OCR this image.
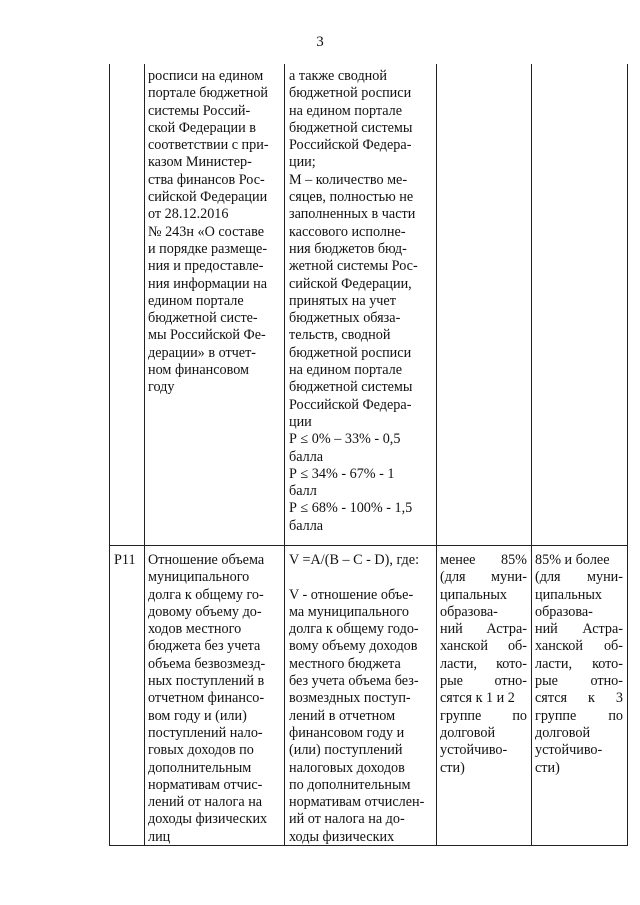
3
росписи на едином
портале бюджетной
системы Россий-
ской Федерации в
соответствии с при-
казом Министер-
ства финансов Рос-
сийской Федерации
от 28.12.2016
№ 243н «О составе
и порядке размеще-
ния и предоставле-
ния информации на
едином портале
бюджетной систе-
мы Российской Фе-
дерации» в отчет-
ном финансовом
году
а также сводной
бюджетной росписи
на едином портале
бюджетной системы
Российской Федера-
ции;
М – количество ме-
сяцев, полностью не
заполненных в части
кассового исполне-
ния бюджетов бюд-
жетной системы Рос-
сийской Федерации,
принятых на учет
бюджетных обяза-
тельств, сводной
бюджетной росписи
на едином портале
бюджетной системы
Российской Федера-
ции
Р ≤ 0% – 33% - 0,5
балла
Р ≤ 34% - 67% - 1
балл
Р ≤ 68% - 100% - 1,5
балла
Р11 Отношение объема
муниципального
долга к общему го-
довому объему до-
ходов местного
бюджета без учета
объема безвозмезд-
ных поступлений в
отчетном финансо-
вом году и (или)
поступлений нало-
говых доходов по
дополнительным
нормативам отчис-
лений от налога на
доходы физических
лиц
V =A/(B – C - D), где:

V - отношение объе-
ма муниципального
долга к общему годо-
вому объему доходов
местного бюджета
без учета объема без-
возмездных поступ-
лений в отчетном
финансовом году и
(или) поступлений
налоговых доходов
по дополнительным
нормативам отчислен-
ий от налога на до-
ходы физических
менее 85%
(для муни-
ципальных
образова-
ний Астра-
ханской об-
ласти, кото-
рые отно-
сятся к 1 и 2
группе по
долговой
устойчиво-
сти)
85% и более
(для муни-
ципальных
образова-
ний Астра-
ханской об-
ласти, кото-
рые отно-
сятся к 3
группе по
долговой
устойчиво-
сти)
